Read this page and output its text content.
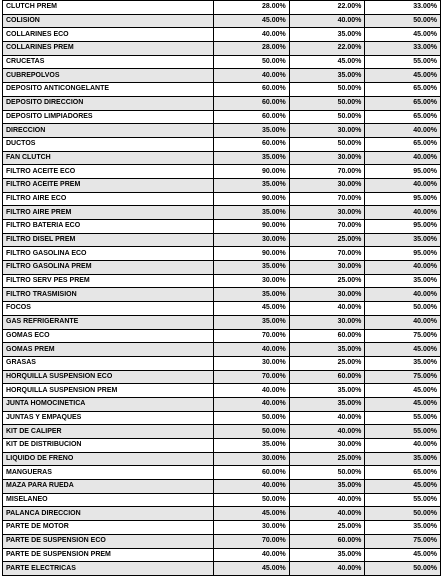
CLUTCH PREM	28.00%	22.00%	33.00%
COLISION	45.00%	40.00%	50.00%
COLLARINES ECO	40.00%	35.00%	45.00%
COLLARINES PREM	28.00%	22.00%	33.00%
CRUCETAS	50.00%	45.00%	55.00%
CUBREPOLVOS	40.00%	35.00%	45.00%
DEPOSITO ANTICONGELANTE	60.00%	50.00%	65.00%
DEPOSITO DIRECCION	60.00%	50.00%	65.00%
DEPOSITO LIMPIADORES	60.00%	50.00%	65.00%
DIRECCION	35.00%	30.00%	40.00%
DUCTOS	60.00%	50.00%	65.00%
FAN CLUTCH	35.00%	30.00%	40.00%
FILTRO ACEITE ECO	90.00%	70.00%	95.00%
FILTRO ACEITE PREM	35.00%	30.00%	40.00%
FILTRO AIRE ECO	90.00%	70.00%	95.00%
FILTRO AIRE PREM	35.00%	30.00%	40.00%
FILTRO BATERIA ECO	90.00%	70.00%	95.00%
FILTRO DISEL PREM	30.00%	25.00%	35.00%
FILTRO GASOLINA ECO	90.00%	70.00%	95.00%
FILTRO GASOLINA PREM	35.00%	30.00%	40.00%
FILTRO SERV PES PREM	30.00%	25.00%	35.00%
FILTRO TRASMISION	35.00%	30.00%	40.00%
FOCOS	45.00%	40.00%	50.00%
GAS REFRIGERANTE	35.00%	30.00%	40.00%
GOMAS ECO	70.00%	60.00%	75.00%
GOMAS PREM	40.00%	35.00%	45.00%
GRASAS	30.00%	25.00%	35.00%
HORQUILLA SUSPENSION ECO	70.00%	60.00%	75.00%
HORQUILLA SUSPENSION PREM	40.00%	35.00%	45.00%
JUNTA HOMOCINETICA	40.00%	35.00%	45.00%
JUNTAS Y EMPAQUES	50.00%	40.00%	55.00%
KIT DE CALIPER	50.00%	40.00%	55.00%
KIT DE DISTRIBUCION	35.00%	30.00%	40.00%
LIQUIDO DE FRENO	30.00%	25.00%	35.00%
MANGUERAS	60.00%	50.00%	65.00%
MAZA PARA RUEDA	40.00%	35.00%	45.00%
MISELANEO	50.00%	40.00%	55.00%
PALANCA DIRECCION	45.00%	40.00%	50.00%
PARTE DE MOTOR	30.00%	25.00%	35.00%
PARTE DE SUSPENSION ECO	70.00%	60.00%	75.00%
PARTE DE SUSPENSION PREM	40.00%	35.00%	45.00%
PARTE ELECTRICAS	45.00%	40.00%	50.00%
